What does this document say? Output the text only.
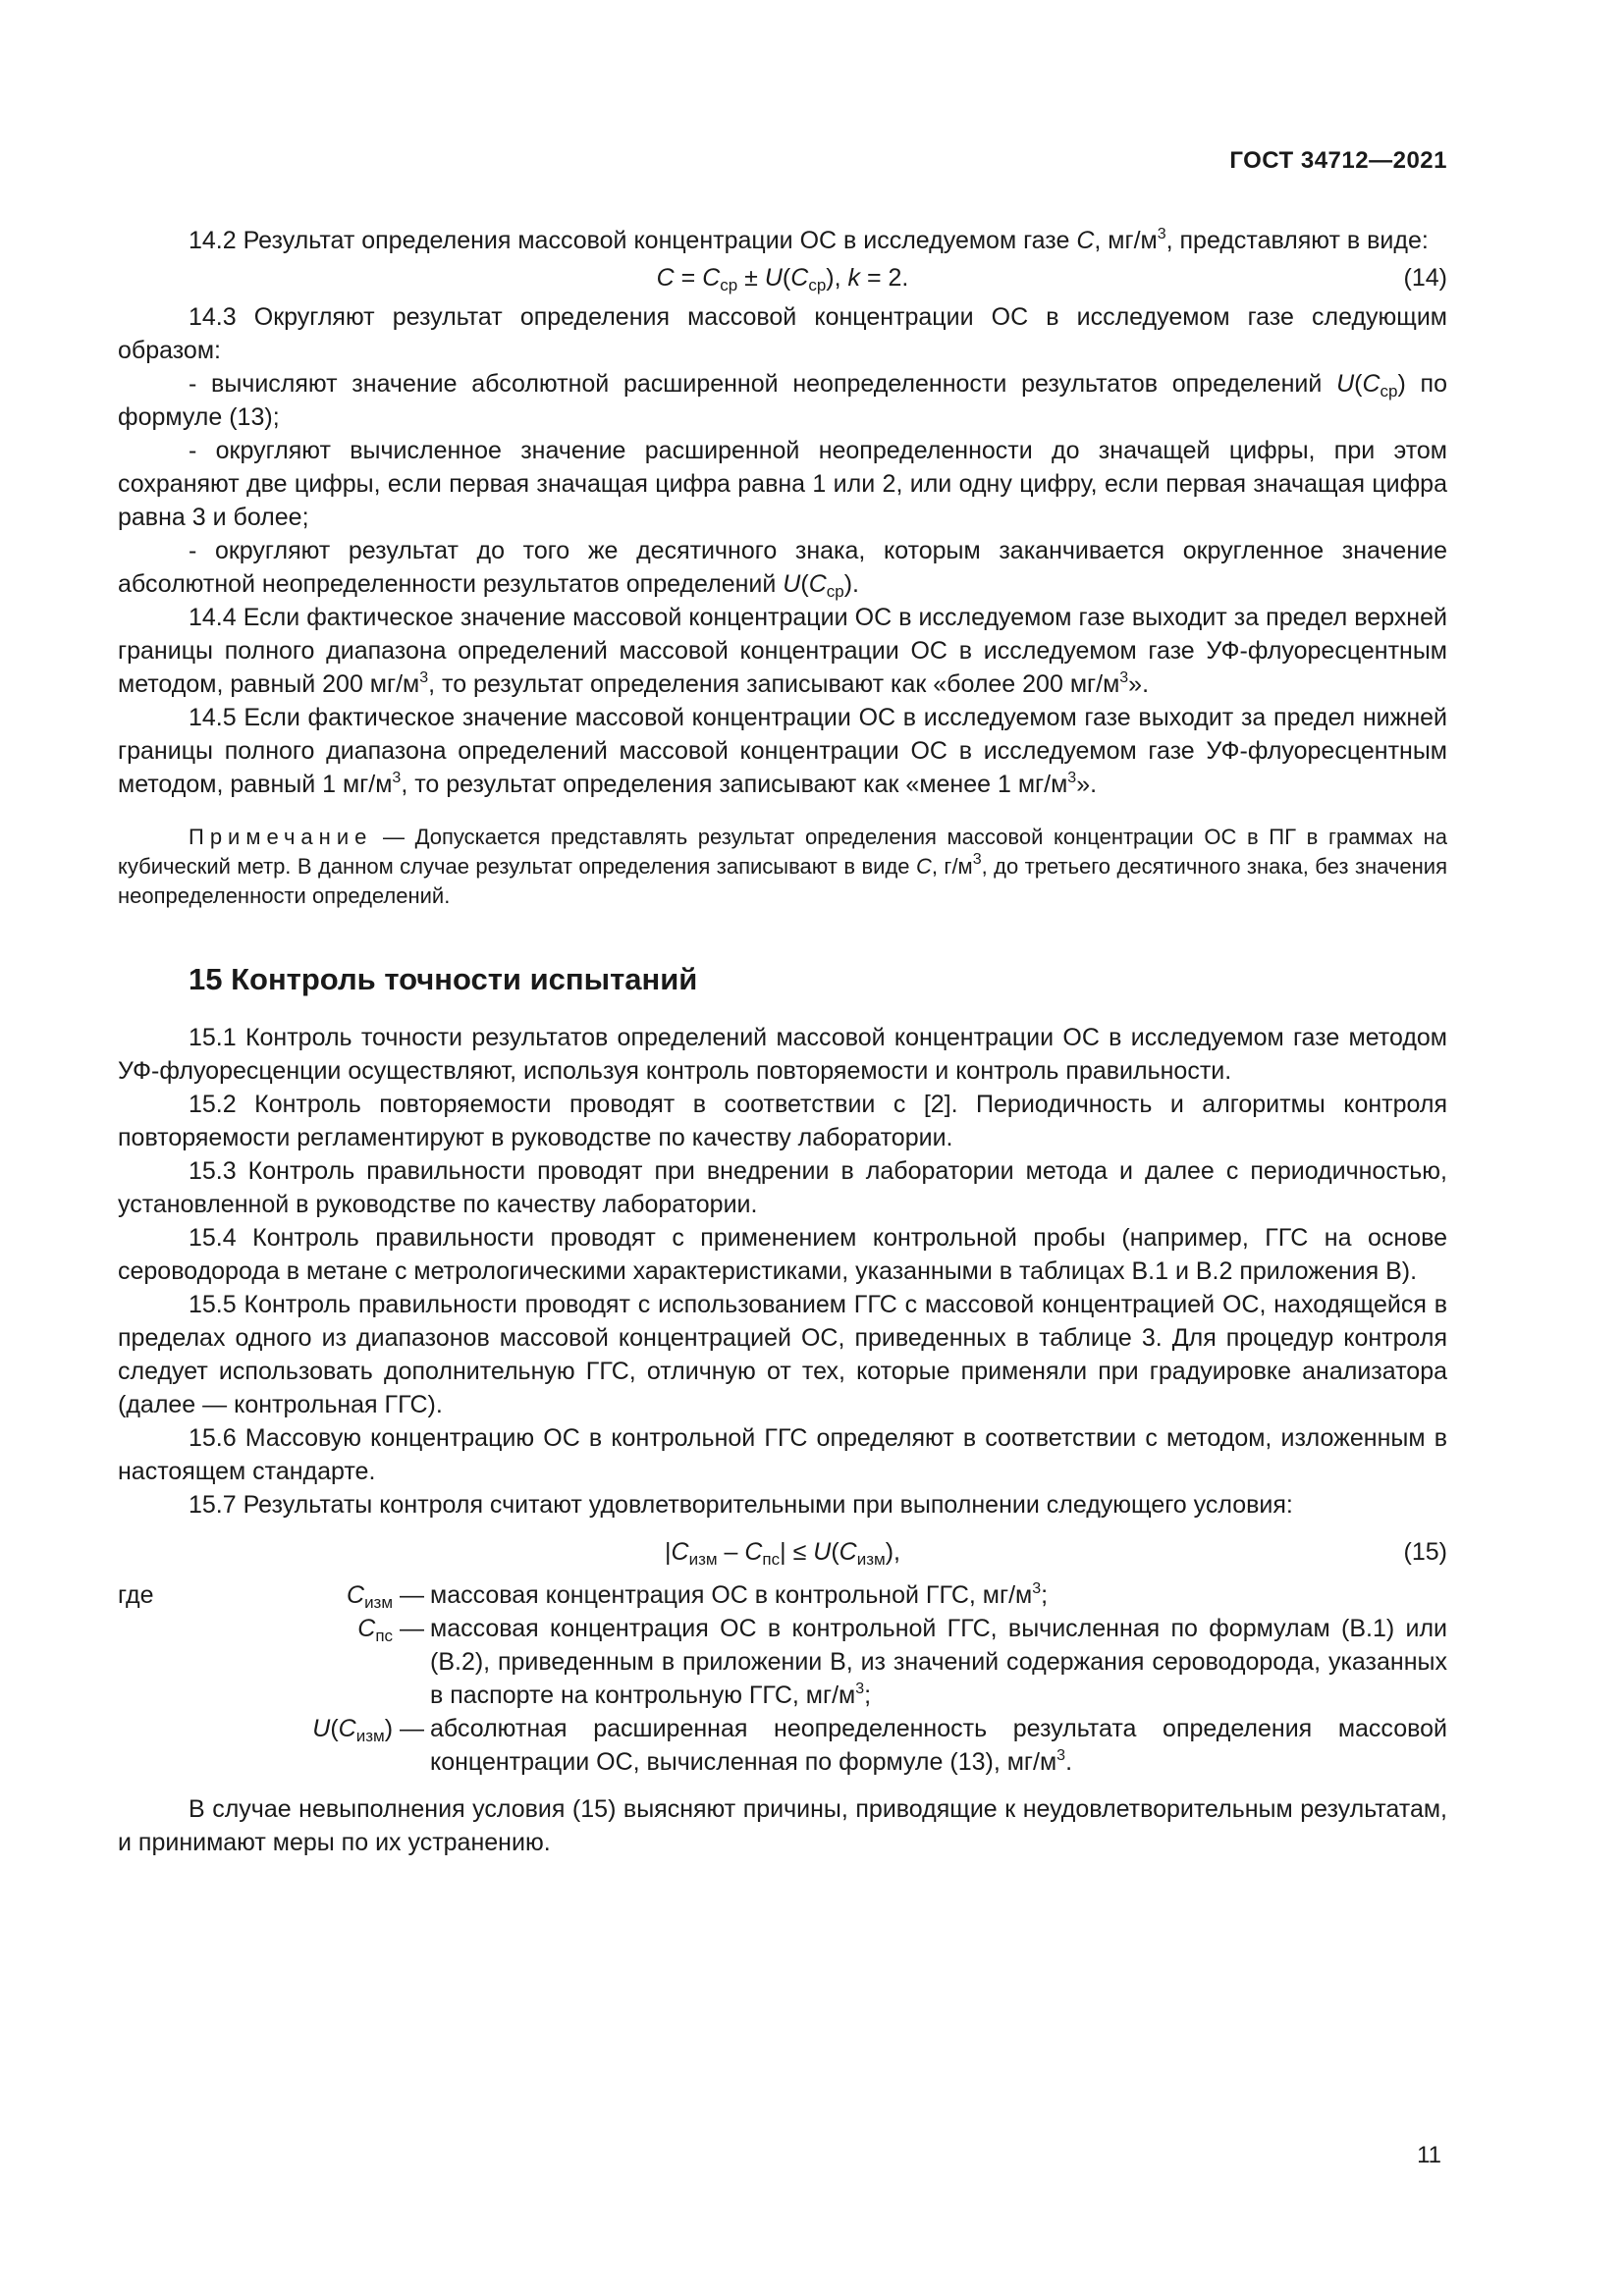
ГОСТ 34712—2021

14.2 Результат определения массовой концентрации ОС в исследуемом газе C, $мг/м^3$, представляют в виде:

$C = C_{ср} \pm U(C_{ср})$, k = 2.	(14)

14.3 Округляют результат определения массовой концентрации ОС в исследуемом газе следующим образом:

- вычисляют значение абсолютной расширенной неопределенности результатов определений $U(C_{ср})$ по формуле (13);

- округляют вычисленное значение расширенной неопределенности до значащей цифры, при этом сохраняют две цифры, если первая значащая цифра равна 1 или 2, или одну цифру, если первая значащая цифра равна 3 и более;

- округляют результат до того же десятичного знака, которым заканчивается округленное значение абсолютной неопределенности результатов определений $U(C_{ср})$.

14.4 Если фактическое значение массовой концентрации ОС в исследуемом газе выходит за предел верхней границы полного диапазона определений массовой концентрации ОС в исследуемом газе УФ-флуоресцентным методом, равный 200 $мг/м^3$, то результат определения записывают как «более 200 $мг/м^3$».

14.5 Если фактическое значение массовой концентрации ОС в исследуемом газе выходит за предел нижней границы полного диапазона определений массовой концентрации ОС в исследуемом газе УФ-флуоресцентным методом, равный 1 $мг/м^3$, то результат определения записывают как «менее 1 $мг/м^3$».

Примечание — Допускается представлять результат определения массовой концентрации ОС в ПГ в граммах на кубический метр. В данном случае результат определения записывают в виде C, $г/м^3$, до третьего десятичного знака, без значения неопределенности определений.

15 Контроль точности испытаний

15.1 Контроль точности результатов определений массовой концентрации ОС в исследуемом газе методом УФ-флуоресценции осуществляют, используя контроль повторяемости и контроль правильности.

15.2 Контроль повторяемости проводят в соответствии с [2]. Периодичность и алгоритмы контроля повторяемости регламентируют в руководстве по качеству лаборатории.

15.3 Контроль правильности проводят при внедрении в лаборатории метода и далее с периодичностью, установленной в руководстве по качеству лаборатории.

15.4 Контроль правильности проводят с применением контрольной пробы (например, ГГС на основе сероводорода в метане с метрологическими характеристиками, указанными в таблицах В.1 и В.2 приложения В).

15.5 Контроль правильности проводят с использованием ГГС с массовой концентрацией ОС, находящейся в пределах одного из диапазонов массовой концентрацией ОС, приведенных в таблице 3. Для процедур контроля следует использовать дополнительную ГГС, отличную от тех, которые применяли при градуировке анализатора (далее — контрольная ГГС).

15.6 Массовую концентрацию ОС в контрольной ГГС определяют в соответствии с методом, изложенным в настоящем стандарте.

15.7 Результаты контроля считают удовлетворительными при выполнении следующего условия:

$|C_{изм} - C_{пс}| \le U(C_{изм})$,	(15)
где	$C_{изм}$ — массовая концентрация ОС в контрольной ГГС, $мг/м^3$;
$C_{пс}$ — массовая концентрация ОС в контрольной ГГС, вычисленная по формулам (В.1) или (В.2), приведенным в приложении В, из значений содержания сероводорода, указанных в паспорте на контрольную ГГС, $мг/м^3$;
$U(C_{изм})$ — абсолютная расширенная неопределенность результата определения массовой концентрации ОС, вычисленная по формуле (13), $мг/м^3$.

В случае невыполнения условия (15) выясняют причины, приводящие к неудовлетворительным результатам, и принимают меры по их устранению.

11
